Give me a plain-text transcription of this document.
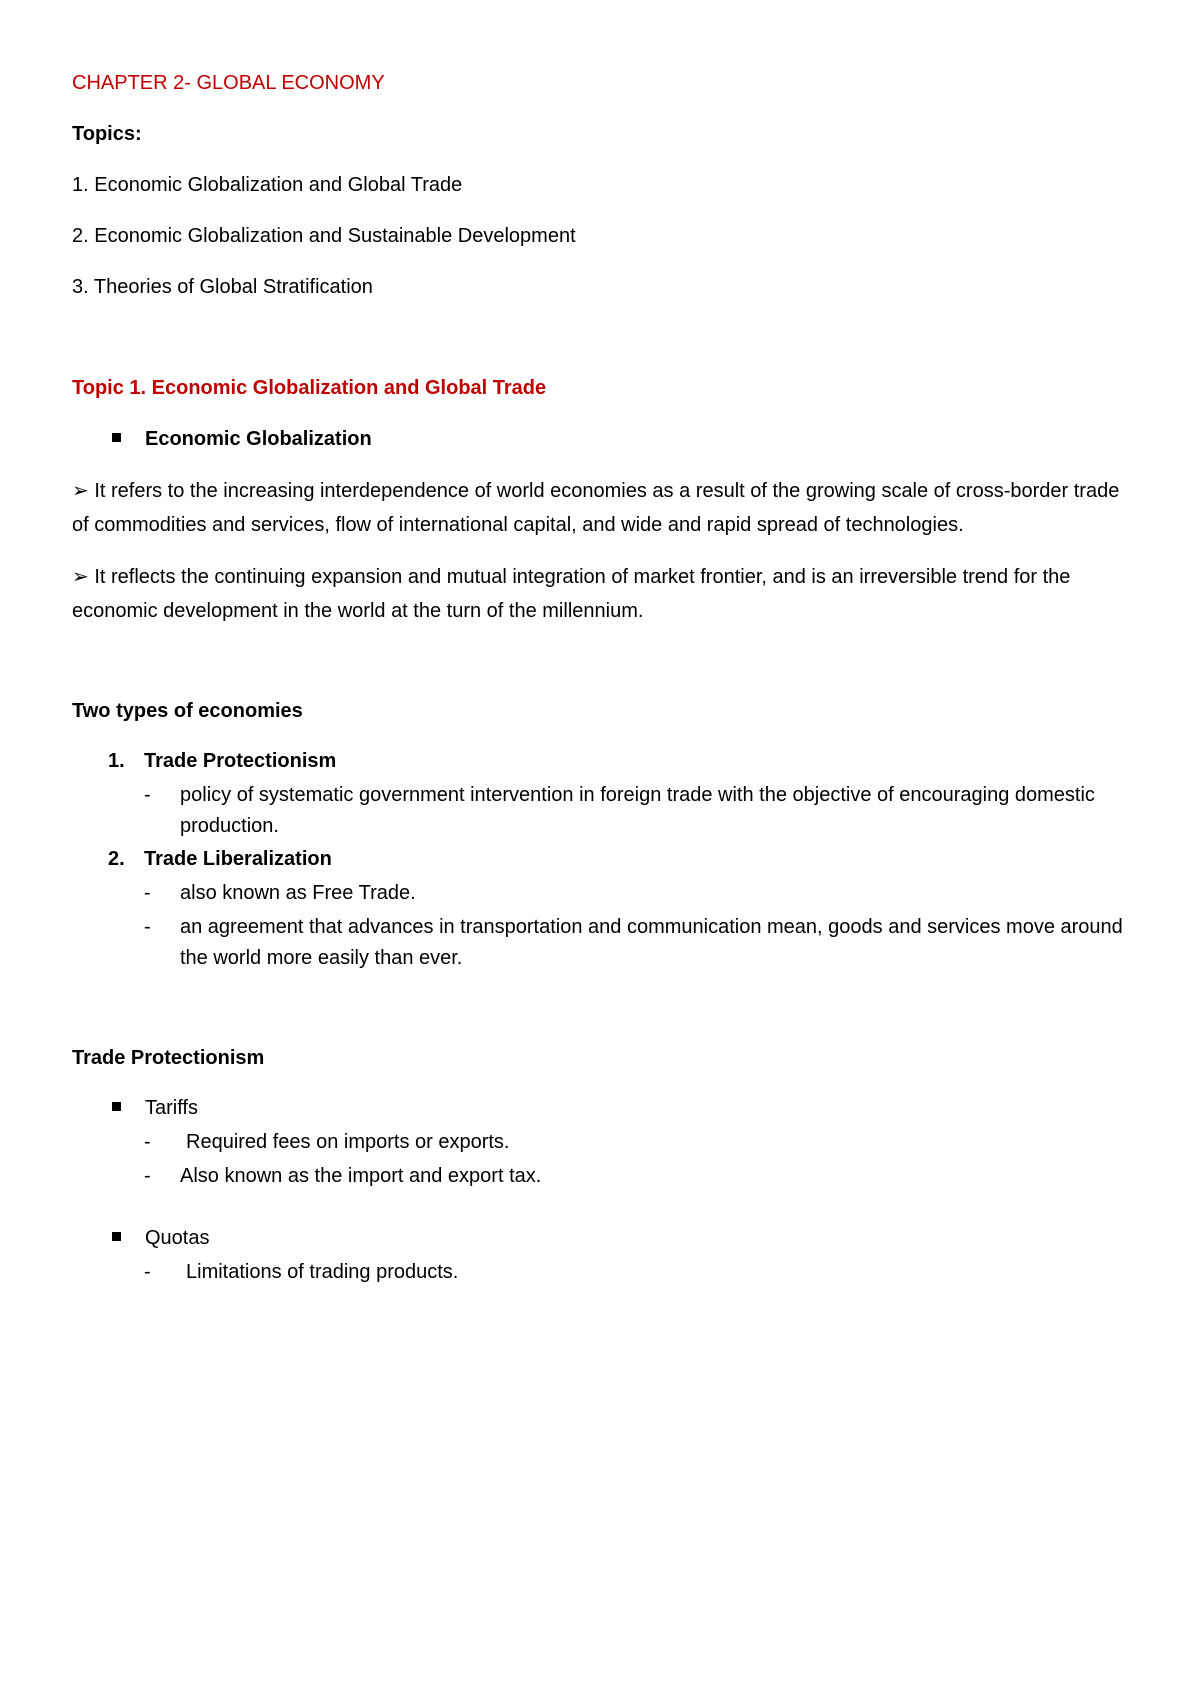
CHAPTER 2- GLOBAL ECONOMY

Topics:

1. Economic Globalization and Global Trade

2. Economic Globalization and Sustainable Development

3. Theories of Global Stratification

Topic 1. Economic Globalization and Global Trade

Economic Globalization

➢ It refers to the increasing interdependence of world economies as a result of the growing scale of cross-border trade of commodities and services, flow of international capital, and wide and rapid spread of technologies.

➢ It reflects the continuing expansion and mutual integration of market frontier, and is an irreversible trend for the economic development in the world at the turn of the millennium.

Two types of economies

1. Trade Protectionism
-	policy of systematic government intervention in foreign trade with the objective of encouraging domestic production.
2. Trade Liberalization
-	also known as Free Trade.
-	an agreement that advances in transportation and communication mean, goods and services move around the world more easily than ever.

Trade Protectionism

Tariffs
-	Required fees on imports or exports.
-	Also known as the import and export tax.
Quotas
-	Limitations of trading products.
